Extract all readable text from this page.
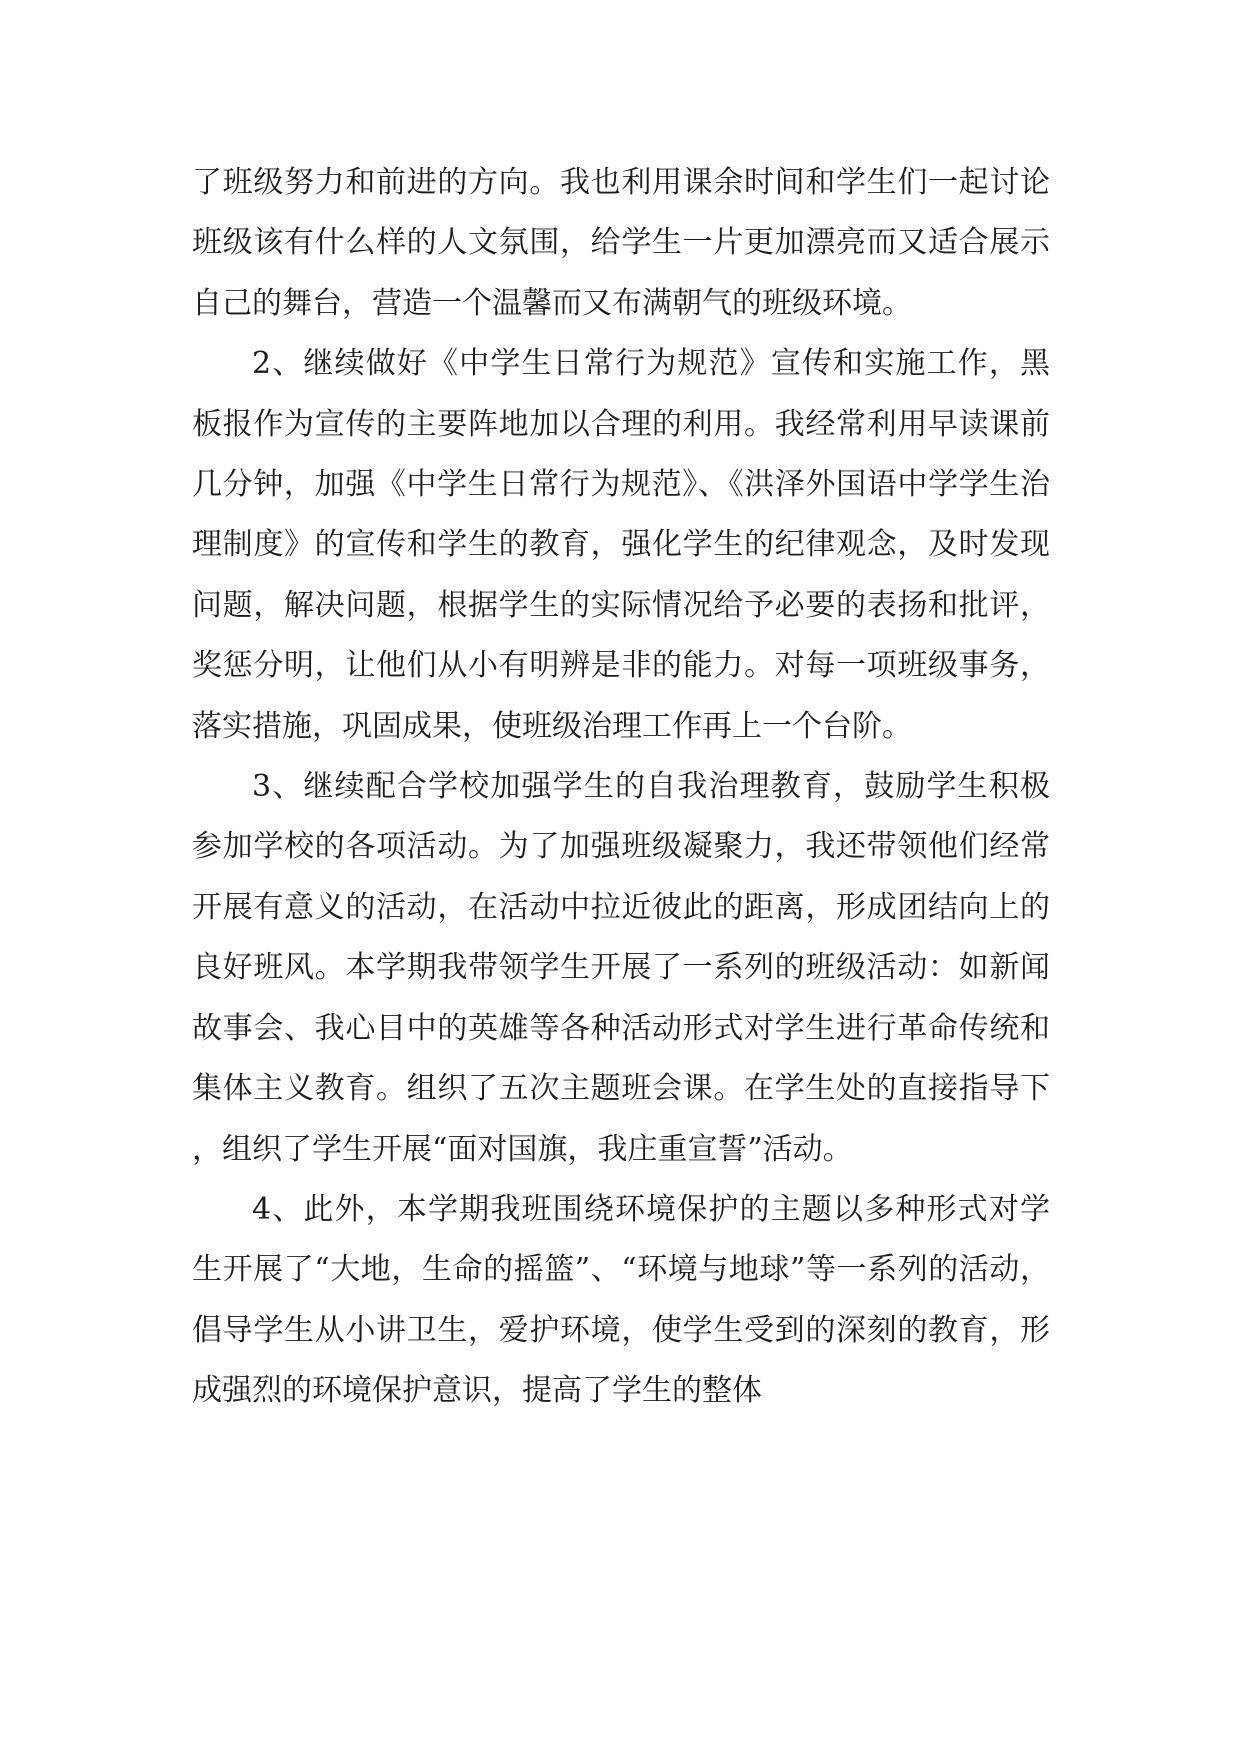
了班级努力和前进的方向。我也利用课余时间和学生们一起讨论班级该有什么样的人文氛围，给学生一片更加漂亮而又适合展示自己的舞台，营造一个温馨而又布满朝气的班级环境。

2、继续做好《中学生日常行为规范》宣传和实施工作，黑板报作为宣传的主要阵地加以合理的利用。我经常利用早读课前几分钟，加强《中学生日常行为规范》、《洪泽外国语中学学生治理制度》的宣传和学生的教育，强化学生的纪律观念，及时发现问题，解决问题，根据学生的实际情况给予必要的表扬和批评，奖惩分明，让他们从小有明辨是非的能力。对每一项班级事务，落实措施，巩固成果，使班级治理工作再上一个台阶。

3、继续配合学校加强学生的自我治理教育，鼓励学生积极参加学校的各项活动。为了加强班级凝聚力，我还带领他们经常开展有意义的活动，在活动中拉近彼此的距离，形成团结向上的良好班风。本学期我带领学生开展了一系列的班级活动：如新闻故事会、我心目中的英雄等各种活动形式对学生进行革命传统和集体主义教育。组织了五次主题班会课。在学生处的直接指导下，组织了学生开展“面对国旗，我庄重宣誓”活动。

4、此外，本学期我班围绕环境保护的主题以多种形式对学生开展了“大地，生命的摇篮”、“环境与地球”等一系列的活动，倡导学生从小讲卫生，爱护环境，使学生受到的深刻的教育，形成强烈的环境保护意识，提高了学生的整体
